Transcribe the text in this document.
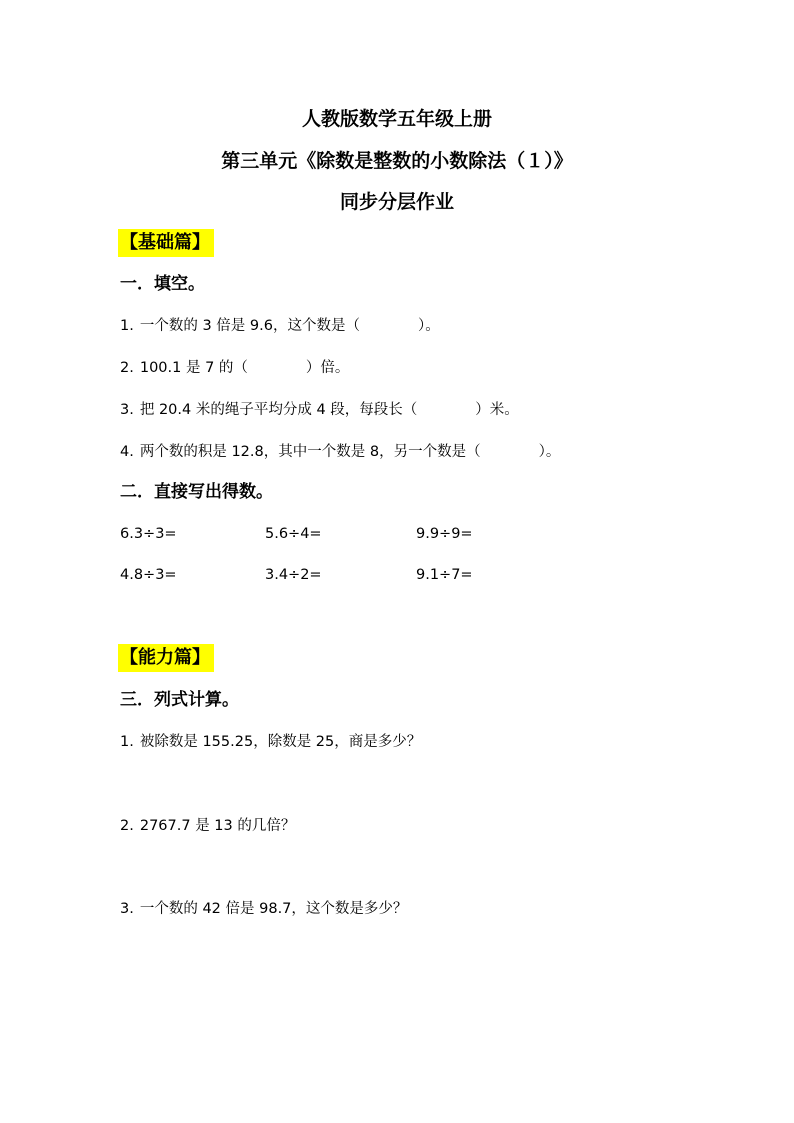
人教版数学五年级上册
第三单元《除数是整数的小数除法（１）》
同步分层作业
【基础篇】
一．填空。
1. 一个数的 3 倍是 9.6，这个数是（	）。
2. 100.1 是 7 的（	）倍。
3. 把 20.4 米的绳子平均分成 4 段，每段长（	）米。
4. 两个数的积是 12.8，其中一个数是 8，另一个数是（	）。
二．直接写出得数。
6.3÷3=	5.6÷4=	9.9÷9=
4.8÷3=	3.4÷2=	9.1÷7=
【能力篇】
三．列式计算。
1. 被除数是 155.25，除数是 25，商是多少？
2. 2767.7 是 13 的几倍？
3. 一个数的 42 倍是 98.7，这个数是多少？
